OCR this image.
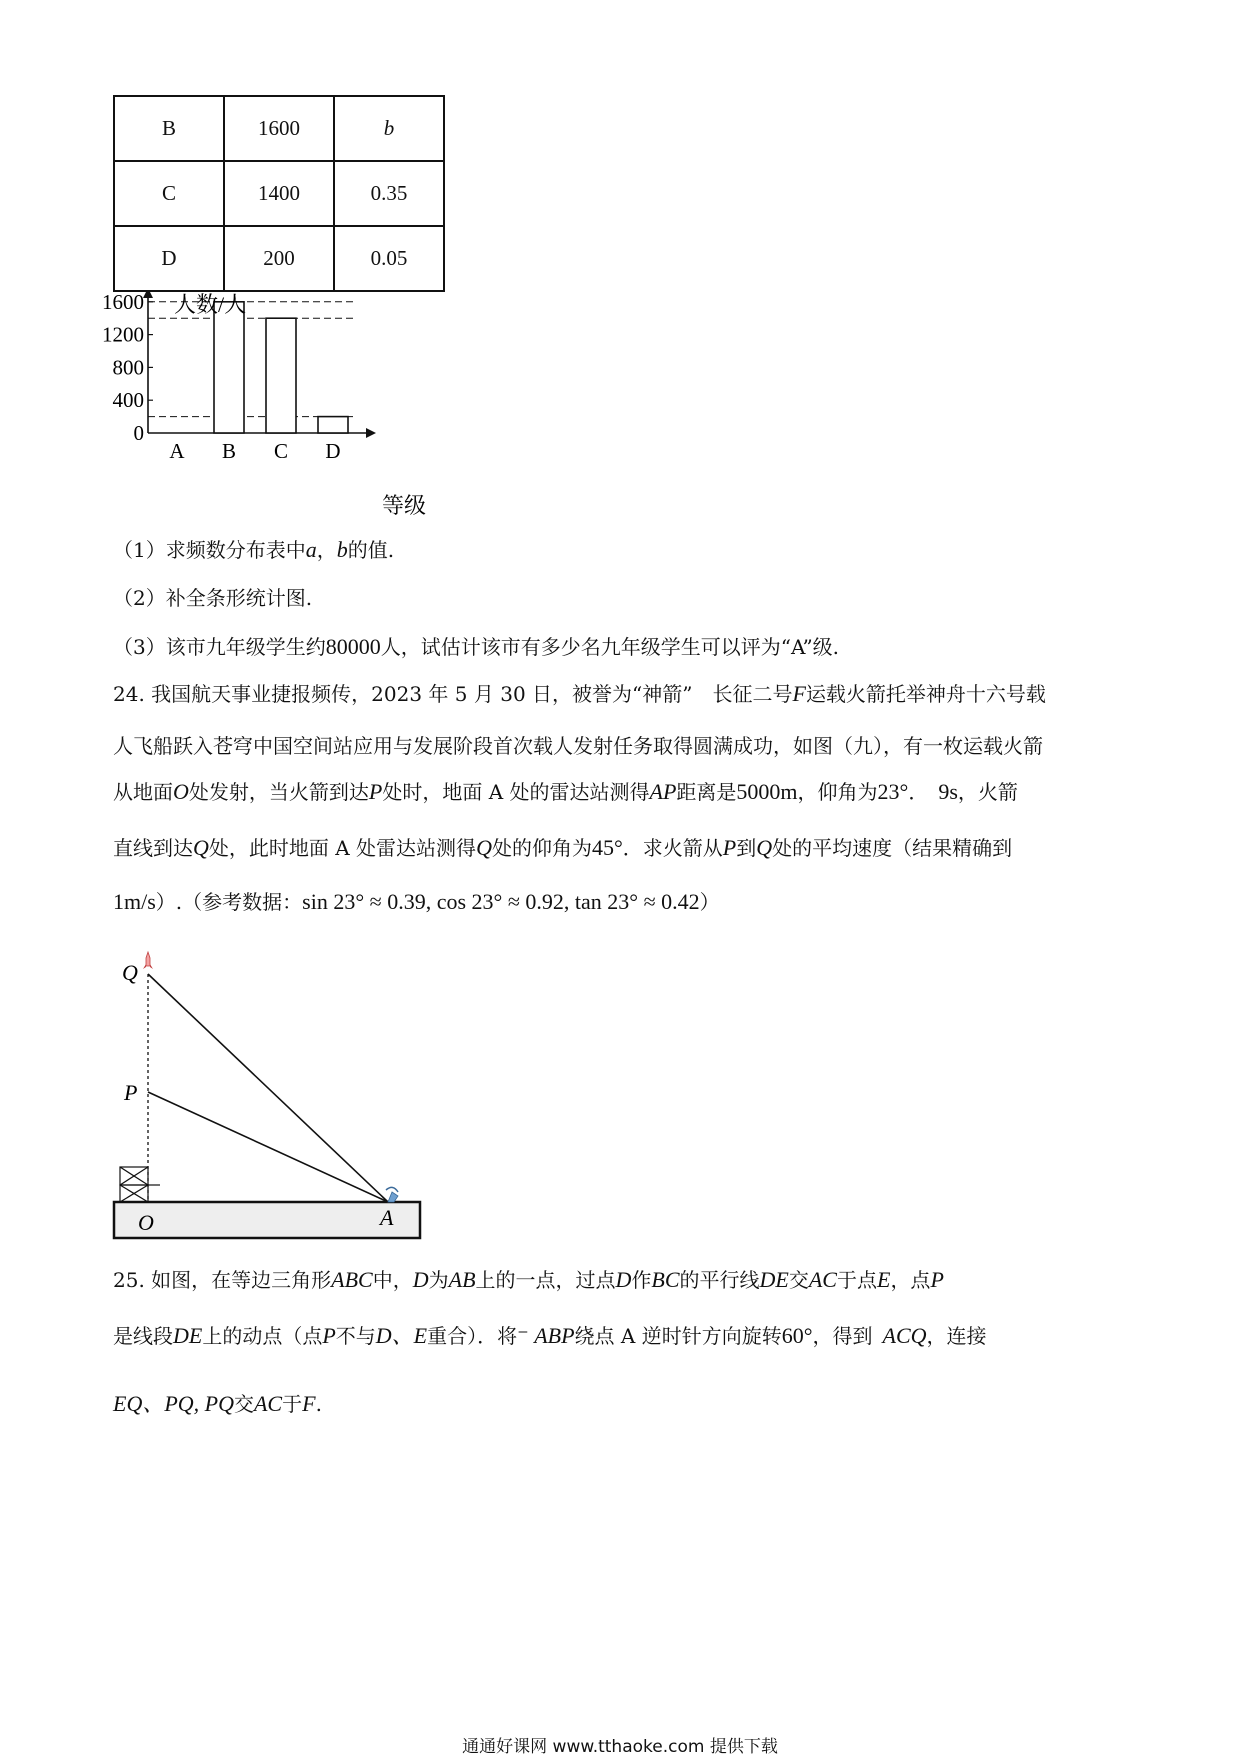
B	1600	b
C	1400	0.35
D	200	0.05
1600
1200
800
400
0
A B C D
人数/人
等级
（1）求频数分布表中a，b的值.
（2）补全条形统计图.
（3）该市九年级学生约80000人，试估计该市有多少名九年级学生可以评为“A”级.
24. 我国航天事业捷报频传，2023 年 5 月 30 日，被誉为“神箭”　长征二号F运载火箭托举神舟十六号载
人飞船跃入苍穹中国空间站应用与发展阶段首次载人发射任务取得圆满成功，如图（九），有一枚运载火箭
从地面O处发射，当火箭到达P处时，地面 A 处的雷达站测得AP距离是5000m，仰角为23°． 9s，火箭
直线到达Q处，此时地面 A 处雷达站测得Q处的仰角为45°．求火箭从P到Q处的平均速度（结果精确到
1m/s）.（参考数据：sin 23° ≈ 0.39, cos 23° ≈ 0.92, tan 23° ≈ 0.42）
Q
P
O	A
25. 如图，在等边三角形ABC中，D为AB上的一点，过点D作BC的平行线DE交AC于点E，点P
是线段DE上的动点（点P不与D、E重合）．将⁻ ABP绕点 A 逆时针方向旋转60°，得到 ACQ，连接
EQ、PQ, PQ交AC于F.
通通好课网 www.tthaoke.com 提供下载
